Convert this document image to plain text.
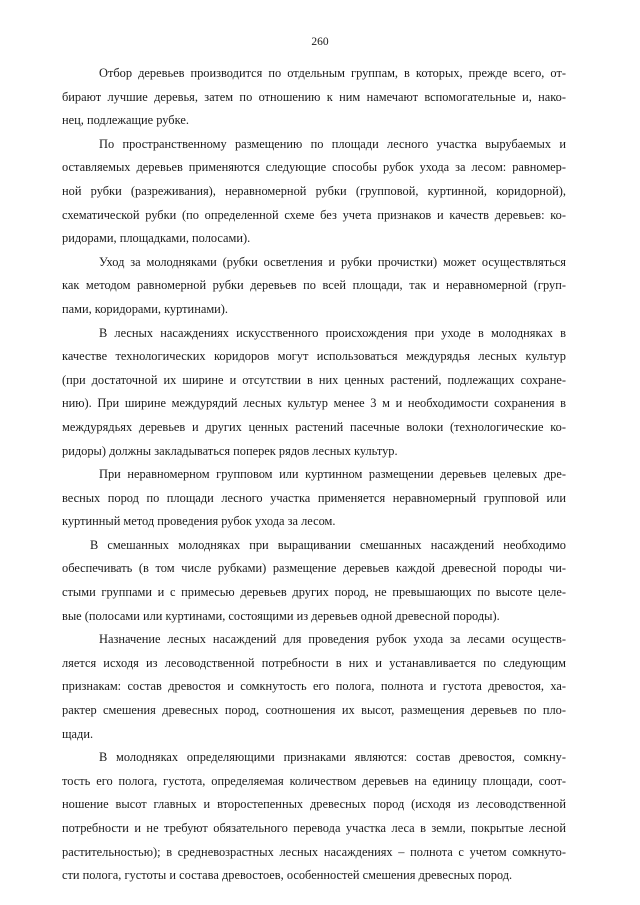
260
Отбор деревьев производится по отдельным группам, в которых, прежде всего, от-
бирают лучшие деревья, затем по отношению к ним намечают вспомогательные и, нако-
нец, подлежащие рубке.
По пространственному размещению по площади лесного участка вырубаемых и
оставляемых деревьев применяются следующие способы рубок ухода за лесом: равномер-
ной рубки (разреживания), неравномерной рубки (групповой, куртинной, коридорной),
схематической рубки (по определенной схеме без учета признаков и качеств деревьев: ко-
ридорами, площадками, полосами).
Уход за молодняками (рубки осветления и рубки прочистки) может осуществляться
как методом равномерной рубки деревьев по всей площади, так и неравномерной (груп-
пами, коридорами, куртинами).
В лесных насаждениях искусственного происхождения при уходе в молодняках в
качестве технологических коридоров могут использоваться междурядья лесных культур
(при достаточной их ширине и отсутствии в них ценных растений, подлежащих сохране-
нию). При ширине междурядий лесных культур менее 3 м и необходимости сохранения в
междурядьях деревьев и других ценных растений пасечные волоки (технологические ко-
ридоры) должны закладываться поперек рядов лесных культур.
При неравномерном групповом или куртинном размещении деревьев целевых дре-
весных пород по площади лесного участка применяется неравномерный групповой или
куртинный метод проведения рубок ухода за лесом.
В смешанных молодняках при выращивании смешанных насаждений необходимо
обеспечивать (в том числе рубками) размещение деревьев каждой древесной породы чи-
стыми группами и с примесью деревьев других пород, не превышающих по высоте целе-
вые (полосами или куртинами, состоящими из деревьев одной древесной породы).
Назначение лесных насаждений для проведения рубок ухода за лесами осуществ-
ляется исходя из лесоводственной потребности в них и устанавливается по следующим
признакам: состав древостоя и сомкнутость его полога, полнота и густота древостоя, ха-
рактер смешения древесных пород, соотношения их высот, размещения деревьев по пло-
щади.
В молодняках определяющими признаками являются: состав древостоя, сомкну-
тость его полога, густота, определяемая количеством деревьев на единицу площади, соот-
ношение высот главных и второстепенных древесных пород (исходя из лесоводственной
потребности и не требуют обязательного перевода участка леса в земли, покрытые лесной
растительностью); в средневозрастных лесных насаждениях – полнота с учетом сомкнуто-
сти полога, густоты и состава древостоев, особенностей смешения древесных пород.
